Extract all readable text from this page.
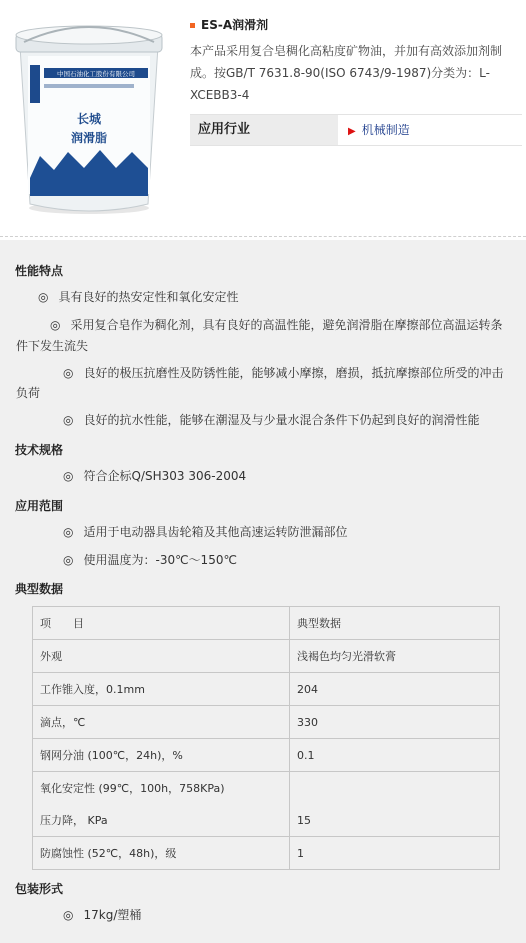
中国石油化工股份有限公司
长城
润滑脂
ES-A润滑剂
本产品采用复合皂稠化高粘度矿物油，并加有高效添加剂制成。按GB/T 7631.8-90(ISO 6743/9-1987)分类为：L-XCEBB3-4
应用行业	▶ 机械制造
性能特点
◎ 具有良好的热安定性和氧化安定性
◎ 采用复合皂作为稠化剂，具有良好的高温性能，避免润滑脂在摩擦部位高温运转条
件下发生流失
◎ 良好的极压抗磨性及防锈性能，能够减小摩擦，磨损，抵抗摩擦部位所受的冲击
负荷
◎ 良好的抗水性能，能够在潮湿及与少量水混合条件下仍起到良好的润滑性能
技术规格
◎ 符合企标Q/SH303 306-2004
应用范围
◎ 适用于电动器具齿轮箱及其他高速运转防泄漏部位
◎ 使用温度为：-30℃～150℃
典型数据
项　　目	典型数据
外观	浅褐色均匀光滑软膏
工作锥入度，0.1mm	204
滴点，℃	330
钢网分油 (100℃，24h)，%	0.1
氧化安定性 (99℃，100h，758KPa)	
压力降， KPa	15
防腐蚀性 (52℃，48h)，级	1
包装形式
◎ 17kg/塑桶
